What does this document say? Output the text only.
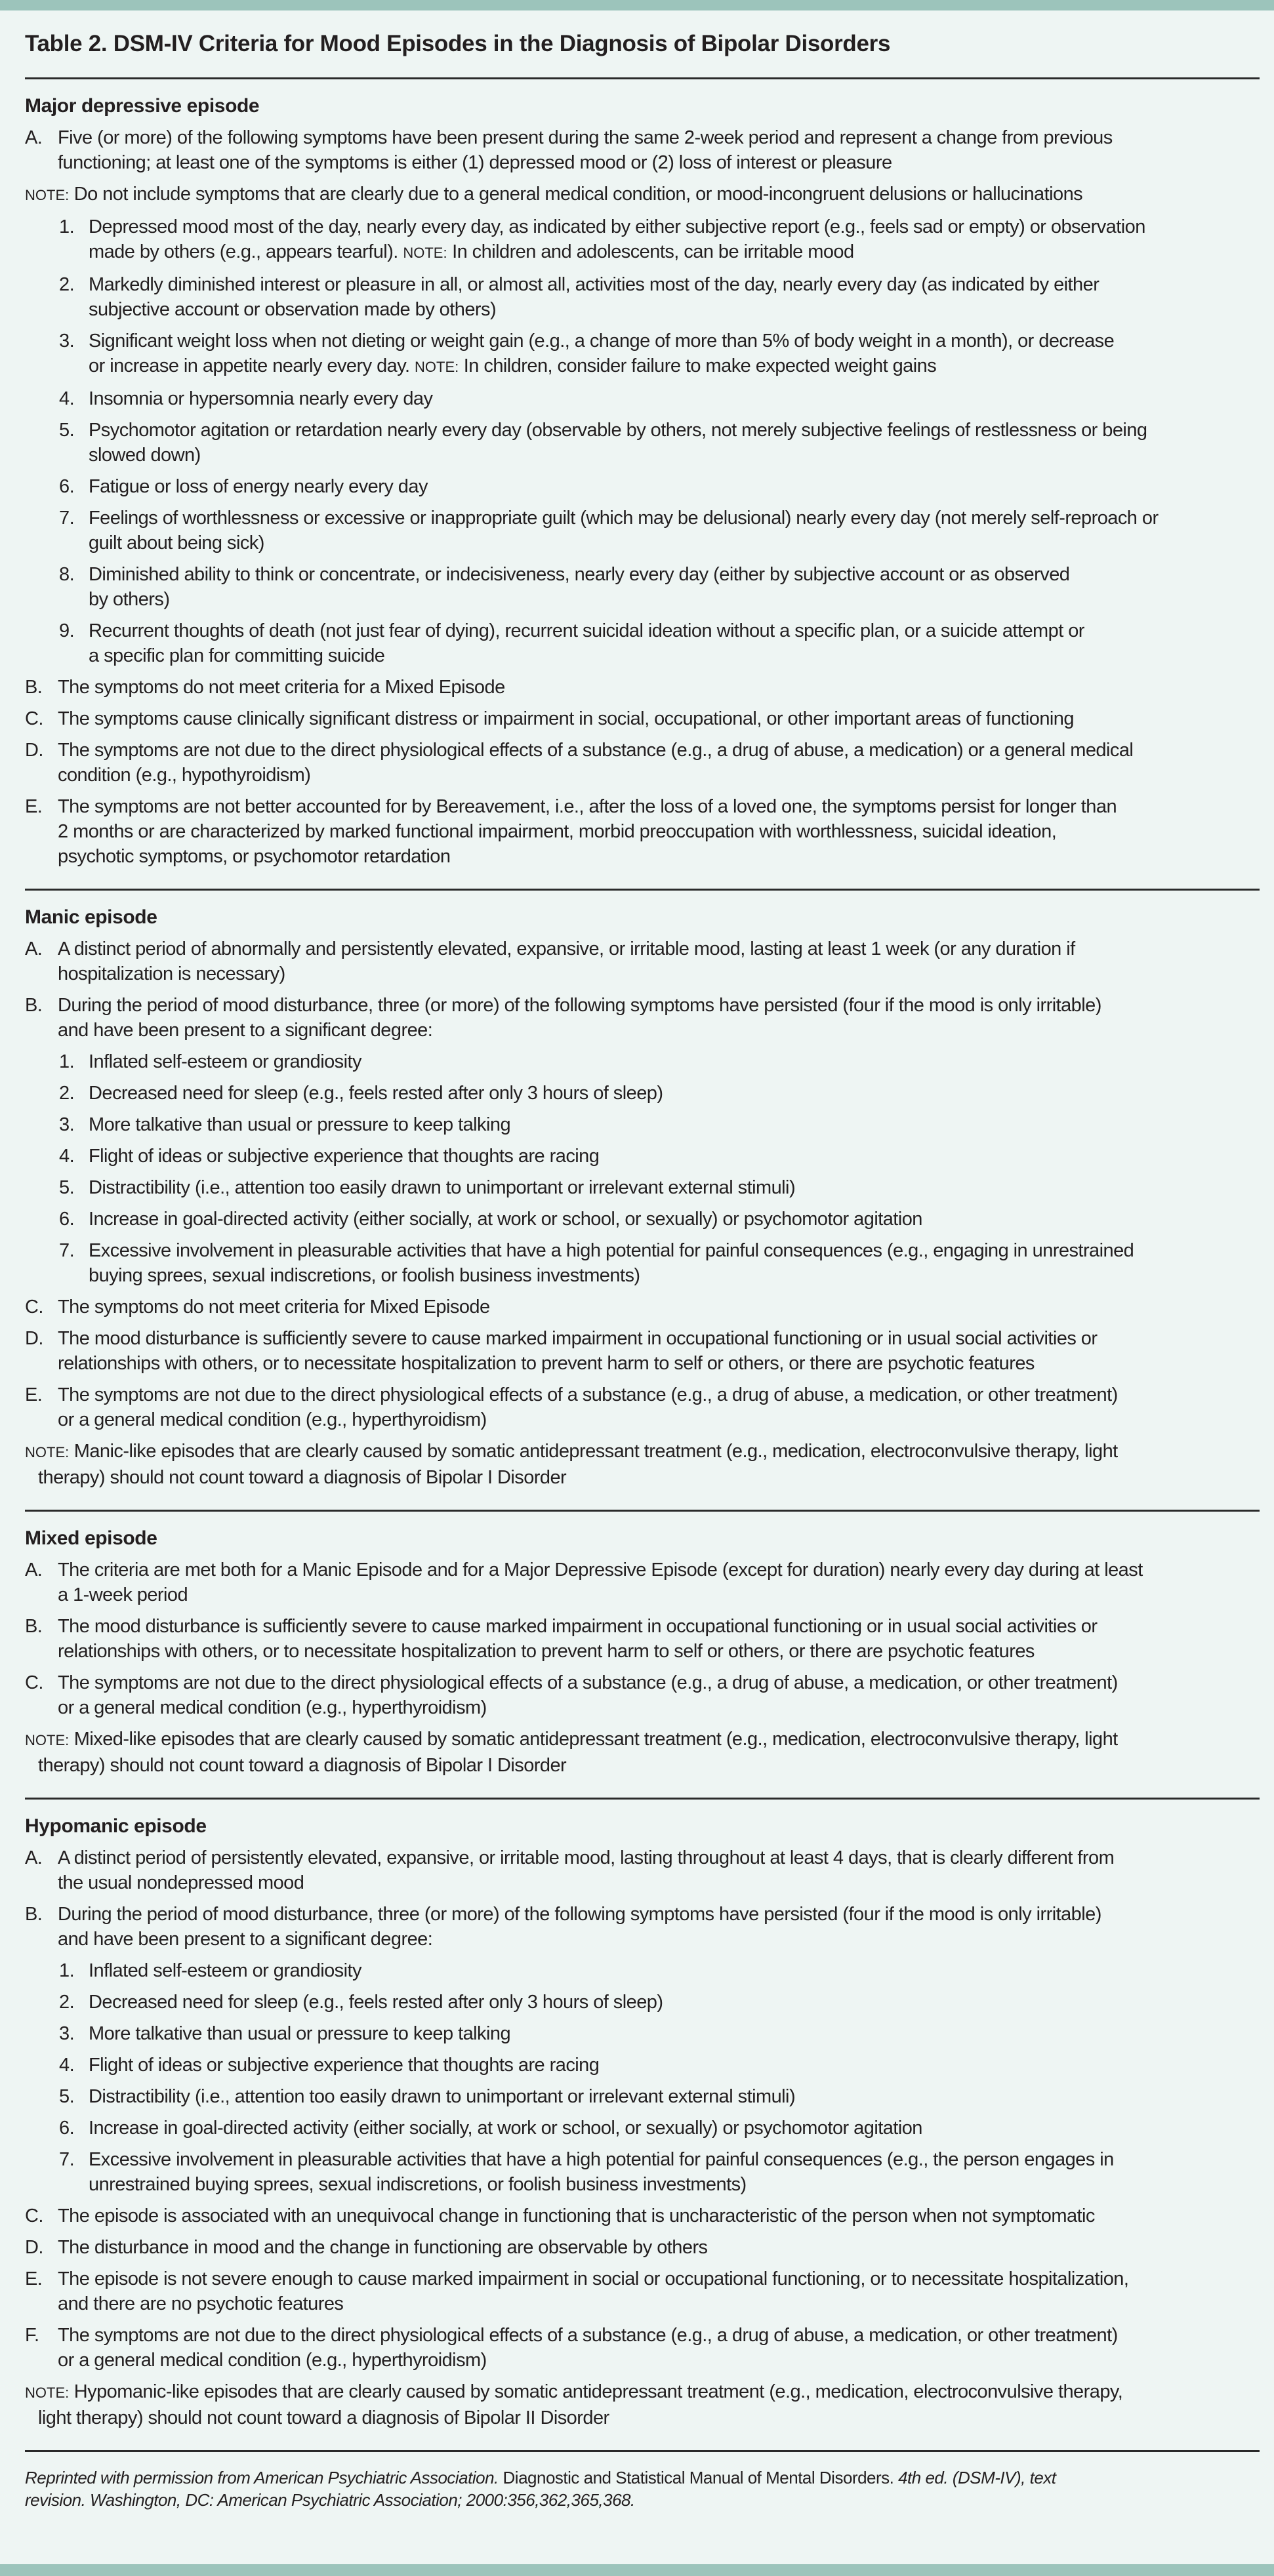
Table 2. DSM-IV Criteria for Mood Episodes in the Diagnosis of Bipolar Disorders
Major depressive episode
A. Five (or more) of the following symptoms have been present during the same 2-week period and represent a change from previous
functioning; at least one of the symptoms is either (1) depressed mood or (2) loss of interest or pleasure
NOTE: Do not include symptoms that are clearly due to a general medical condition, or mood-incongruent delusions or hallucinations
1. Depressed mood most of the day, nearly every day, as indicated by either subjective report (e.g., feels sad or empty) or observation
made by others (e.g., appears tearful). NOTE: In children and adolescents, can be irritable mood
2. Markedly diminished interest or pleasure in all, or almost all, activities most of the day, nearly every day (as indicated by either
subjective account or observation made by others)
3. Significant weight loss when not dieting or weight gain (e.g., a change of more than 5% of body weight in a month), or decrease
or increase in appetite nearly every day. NOTE: In children, consider failure to make expected weight gains
4. Insomnia or hypersomnia nearly every day
5. Psychomotor agitation or retardation nearly every day (observable by others, not merely subjective feelings of restlessness or being
slowed down)
6. Fatigue or loss of energy nearly every day
7. Feelings of worthlessness or excessive or inappropriate guilt (which may be delusional) nearly every day (not merely self-reproach or
guilt about being sick)
8. Diminished ability to think or concentrate, or indecisiveness, nearly every day (either by subjective account or as observed
by others)
9. Recurrent thoughts of death (not just fear of dying), recurrent suicidal ideation without a specific plan, or a suicide attempt or
a specific plan for committing suicide
B. The symptoms do not meet criteria for a Mixed Episode
C. The symptoms cause clinically significant distress or impairment in social, occupational, or other important areas of functioning
D. The symptoms are not due to the direct physiological effects of a substance (e.g., a drug of abuse, a medication) or a general medical
condition (e.g., hypothyroidism)
E. The symptoms are not better accounted for by Bereavement, i.e., after the loss of a loved one, the symptoms persist for longer than
2 months or are characterized by marked functional impairment, morbid preoccupation with worthlessness, suicidal ideation,
psychotic symptoms, or psychomotor retardation
Manic episode
A. A distinct period of abnormally and persistently elevated, expansive, or irritable mood, lasting at least 1 week (or any duration if
hospitalization is necessary)
B. During the period of mood disturbance, three (or more) of the following symptoms have persisted (four if the mood is only irritable)
and have been present to a significant degree:
1. Inflated self-esteem or grandiosity
2. Decreased need for sleep (e.g., feels rested after only 3 hours of sleep)
3. More talkative than usual or pressure to keep talking
4. Flight of ideas or subjective experience that thoughts are racing
5. Distractibility (i.e., attention too easily drawn to unimportant or irrelevant external stimuli)
6. Increase in goal-directed activity (either socially, at work or school, or sexually) or psychomotor agitation
7. Excessive involvement in pleasurable activities that have a high potential for painful consequences (e.g., engaging in unrestrained
buying sprees, sexual indiscretions, or foolish business investments)
C. The symptoms do not meet criteria for Mixed Episode
D. The mood disturbance is sufficiently severe to cause marked impairment in occupational functioning or in usual social activities or
relationships with others, or to necessitate hospitalization to prevent harm to self or others, or there are psychotic features
E. The symptoms are not due to the direct physiological effects of a substance (e.g., a drug of abuse, a medication, or other treatment)
or a general medical condition (e.g., hyperthyroidism)
NOTE: Manic-like episodes that are clearly caused by somatic antidepressant treatment (e.g., medication, electroconvulsive therapy, light
therapy) should not count toward a diagnosis of Bipolar I Disorder
Mixed episode
A. The criteria are met both for a Manic Episode and for a Major Depressive Episode (except for duration) nearly every day during at least
a 1-week period
B. The mood disturbance is sufficiently severe to cause marked impairment in occupational functioning or in usual social activities or
relationships with others, or to necessitate hospitalization to prevent harm to self or others, or there are psychotic features
C. The symptoms are not due to the direct physiological effects of a substance (e.g., a drug of abuse, a medication, or other treatment)
or a general medical condition (e.g., hyperthyroidism)
NOTE: Mixed-like episodes that are clearly caused by somatic antidepressant treatment (e.g., medication, electroconvulsive therapy, light
therapy) should not count toward a diagnosis of Bipolar I Disorder
Hypomanic episode
A. A distinct period of persistently elevated, expansive, or irritable mood, lasting throughout at least 4 days, that is clearly different from
the usual nondepressed mood
B. During the period of mood disturbance, three (or more) of the following symptoms have persisted (four if the mood is only irritable)
and have been present to a significant degree:
1. Inflated self-esteem or grandiosity
2. Decreased need for sleep (e.g., feels rested after only 3 hours of sleep)
3. More talkative than usual or pressure to keep talking
4. Flight of ideas or subjective experience that thoughts are racing
5. Distractibility (i.e., attention too easily drawn to unimportant or irrelevant external stimuli)
6. Increase in goal-directed activity (either socially, at work or school, or sexually) or psychomotor agitation
7. Excessive involvement in pleasurable activities that have a high potential for painful consequences (e.g., the person engages in
unrestrained buying sprees, sexual indiscretions, or foolish business investments)
C. The episode is associated with an unequivocal change in functioning that is uncharacteristic of the person when not symptomatic
D. The disturbance in mood and the change in functioning are observable by others
E. The episode is not severe enough to cause marked impairment in social or occupational functioning, or to necessitate hospitalization,
and there are no psychotic features
F. The symptoms are not due to the direct physiological effects of a substance (e.g., a drug of abuse, a medication, or other treatment)
or a general medical condition (e.g., hyperthyroidism)
NOTE: Hypomanic-like episodes that are clearly caused by somatic antidepressant treatment (e.g., medication, electroconvulsive therapy,
light therapy) should not count toward a diagnosis of Bipolar II Disorder
Reprinted with permission from American Psychiatric Association. Diagnostic and Statistical Manual of Mental Disorders. 4th ed. (DSM-IV), text
revision. Washington, DC: American Psychiatric Association; 2000:356,362,365,368.
